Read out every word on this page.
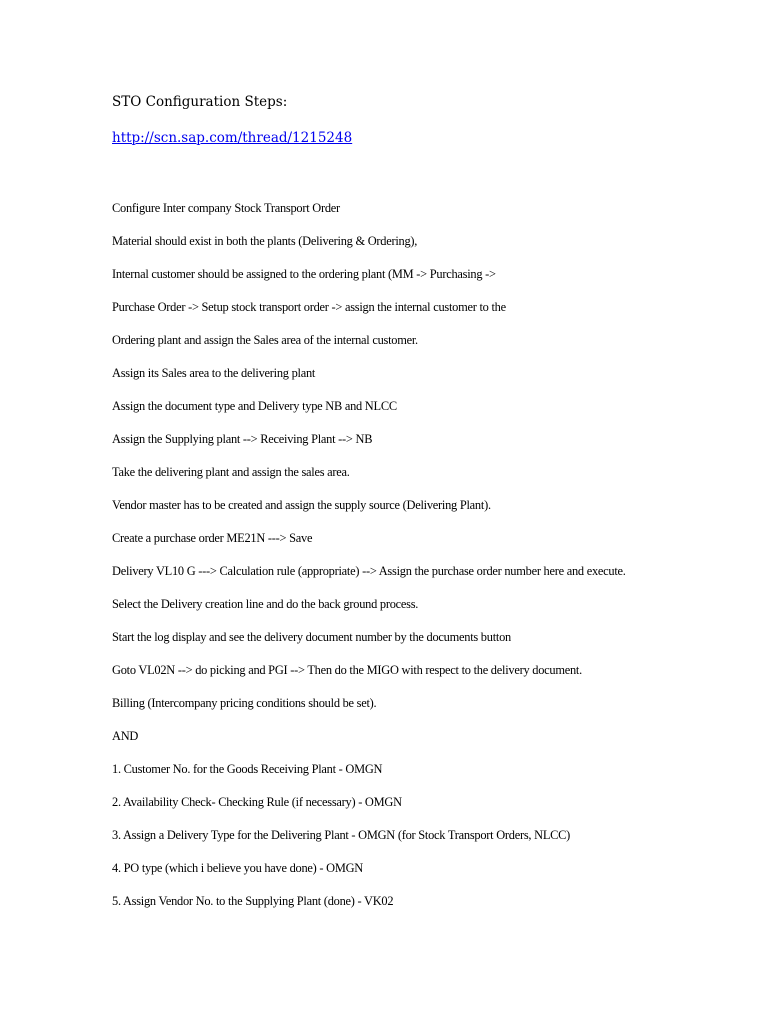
STO Configuration Steps:
http://scn.sap.com/thread/1215248

Configure Inter company Stock Transport Order

Material should exist in both the plants (Delivering & Ordering),

Internal customer should be assigned to the ordering plant (MM -> Purchasing ->

Purchase Order -> Setup stock transport order -> assign the internal customer to the

Ordering plant and assign the Sales area of the internal customer.

Assign its Sales area to the delivering plant

Assign the document type and Delivery type NB and NLCC

Assign the Supplying plant --> Receiving Plant --> NB

Take the delivering plant and assign the sales area.

Vendor master has to be created and assign the supply source (Delivering Plant).

Create a purchase order ME21N ---> Save

Delivery VL10 G ---> Calculation rule (appropriate) --> Assign the purchase order number here and execute.

Select the Delivery creation line and do the back ground process.

Start the log display and see the delivery document number by the documents button

Goto VL02N --> do picking and PGI --> Then do the MIGO with respect to the delivery document.

Billing (Intercompany pricing conditions should be set).

AND

1. Customer No. for the Goods Receiving Plant - OMGN

2. Availability Check- Checking Rule (if necessary) - OMGN

3. Assign a Delivery Type for the Delivering Plant - OMGN (for Stock Transport Orders, NLCC)

4. PO type (which i believe you have done) - OMGN

5. Assign Vendor No. to the Supplying Plant (done) - VK02
